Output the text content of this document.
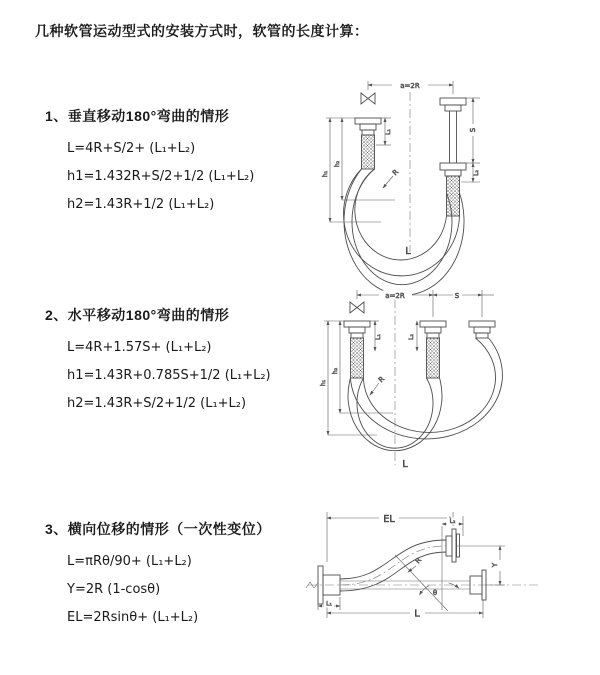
几种软管运动型式的安装方式时，软管的长度计算：
1、垂直移动180°弯曲的情形
L=4R+S/2+ (L₁+L₂)
h1=1.432R+S/2+1/2 (L₁+L₂)
h2=1.43R+1/2 (L₁+L₂)
2、水平移动180°弯曲的情形
L=4R+1.57S+ (L₁+L₂)
h1=1.43R+0.785S+1/2 (L₁+L₂)
h2=1.43R+S/2+1/2 (L₁+L₂)
3、横向位移的情形（一次性变位）
L=πRθ/90+ (L₁+L₂)
Y=2R (1-cosθ)
EL=2Rsinθ+ (L₁+L₂)
a=2R
S
L₂
L₁
h₁
h₂
R
L
a=2R	S
h₁
h₂
L₁	L₂
R
L
EL	L₂
Y
L
L₁
θ
R
